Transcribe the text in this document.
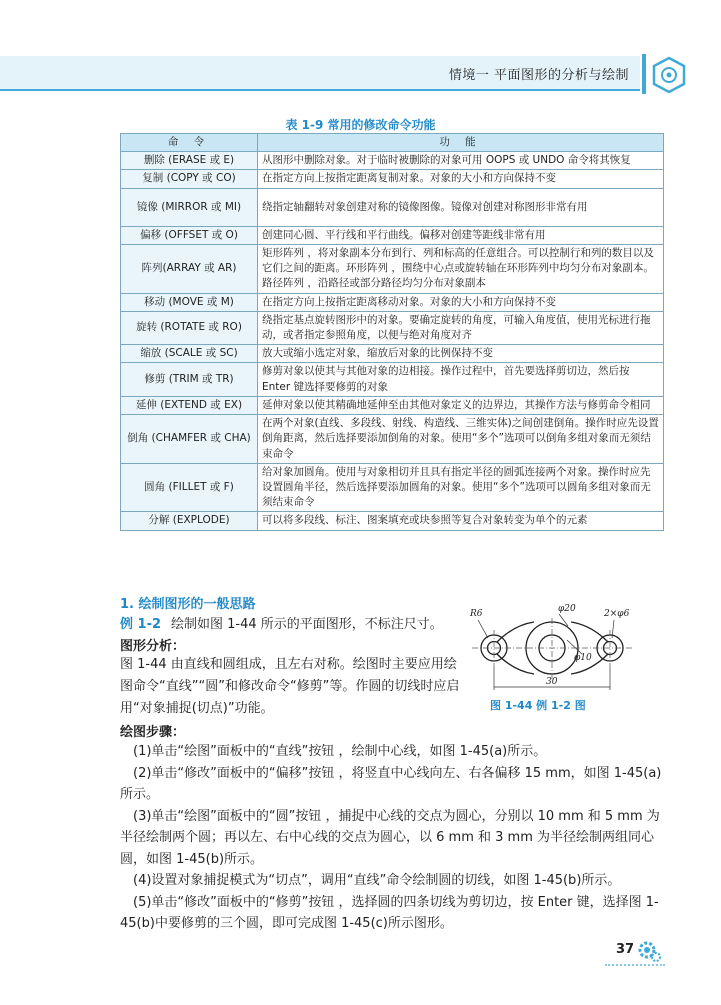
情境一 平面图形的分析与绘制
表 1-9 常用的修改命令功能
命 令	功 能
删除 (ERASE 或 E)	从图形中删除对象。对于临时被删除的对象可用 OOPS 或 UNDO 命令将其恢复
复制 (COPY 或 CO)	在指定方向上按指定距离复制对象。对象的大小和方向保持不变
镜像 (MIRROR 或 MI)	绕指定轴翻转对象创建对称的镜像图像。镜像对创建对称图形非常有用
偏移 (OFFSET 或 O)	创建同心圆、平行线和平行曲线。偏移对创建等距线非常有用
阵列(ARRAY 或 AR)	矩形阵列 ，将对象副本分布到行、列和标高的任意组合。可以控制行和列的数目以及它们之间的距离。环形阵列 ，围绕中心点或旋转轴在环形阵列中均匀分布对象副本。路径阵列 ，沿路径或部分路径均匀分布对象副本
移动 (MOVE 或 M)	在指定方向上按指定距离移动对象。对象的大小和方向保持不变
旋转 (ROTATE 或 RO)	绕指定基点旋转图形中的对象。要确定旋转的角度，可输入角度值，使用光标进行拖动，或者指定参照角度，以便与绝对角度对齐
缩放 (SCALE 或 SC)	放大或缩小选定对象，缩放后对象的比例保持不变
修剪 (TRIM 或 TR)	修剪对象以使其与其他对象的边相接。操作过程中，首先要选择剪切边，然后按 Enter 键选择要修剪的对象
延伸 (EXTEND 或 EX)	延伸对象以使其精确地延伸至由其他对象定义的边界边，其操作方法与修剪命令相同
倒角 (CHAMFER 或 CHA)	在两个对象(直线、多段线、射线、构造线、三维实体)之间创建倒角。操作时应先设置倒角距离，然后选择要添加倒角的对象。使用“多个”选项可以倒角多组对象而无须结束命令
圆角 (FILLET 或 F)	给对象加圆角。使用与对象相切并且具有指定半径的圆弧连接两个对象。操作时应先设置圆角半径，然后选择要添加圆角的对象。使用“多个”选项可以圆角多组对象而无须结束命令
分解 (EXPLODE)	可以将多段线、标注、图案填充或块参照等复合对象转变为单个的元素
1. 绘制图形的一般思路
例 1-2 绘制如图 1-44 所示的平面图形，不标注尺寸。
图形分析：
图 1-44 由直线和圆组成，且左右对称。绘图时主要应用绘图命令“直线”“圆”和修改命令“修剪”等。作圆的切线时应启用“对象捕捉(切点)”功能。
R6	φ20	2×φ6
φ10
30
图 1-44 例 1-2 图
绘图步骤：

(1)单击“绘图”面板中的“直线”按钮 ，绘制中心线，如图 1-45(a)所示。

(2)单击“修改”面板中的“偏移”按钮 ，将竖直中心线向左、右各偏移 15 mm，如图 1-45(a)所示。

(3)单击“绘图”面板中的“圆”按钮 ，捕捉中心线的交点为圆心，分别以 10 mm 和 5 mm 为半径绘制两个圆；再以左、右中心线的交点为圆心，以 6 mm 和 3 mm 为半径绘制两组同心圆，如图 1-45(b)所示。

(4)设置对象捕捉模式为“切点”，调用“直线”命令绘制圆的切线，如图 1-45(b)所示。

(5)单击“修改”面板中的“修剪”按钮 ，选择圆的四条切线为剪切边，按 Enter 键，选择图 1-45(b)中要修剪的三个圆，即可完成图 1-45(c)所示图形。

37
